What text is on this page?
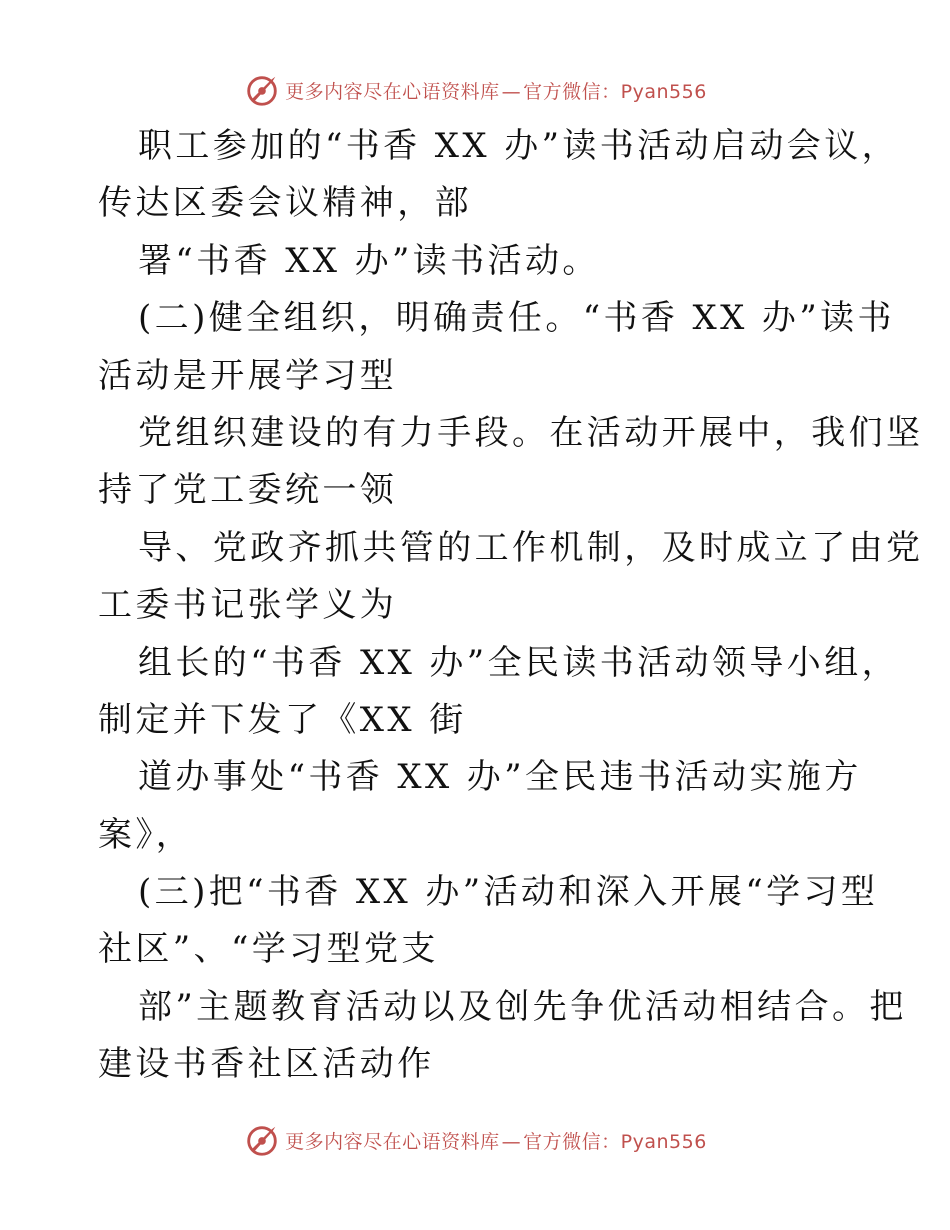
更多内容尽在心语资料库 — 官方微信：Pyan556
职工参加的“书香 XX 办”读书活动启动会议，
传达区委会议精神，部
署“书香 XX 办”读书活动。
(二)健全组织，明确责任。“书香 XX 办”读书
活动是开展学习型
党组织建设的有力手段。在活动开展中，我们坚
持了党工委统一领
导、党政齐抓共管的工作机制，及时成立了由党
工委书记张学义为
组长的“书香 XX 办”全民读书活动领导小组，
制定并下发了《XX 街
道办事处“书香 XX 办”全民违书活动实施方
案》，
(三)把“书香 XX 办”活动和深入开展“学习型
社区”、“学习型党支
部”主题教育活动以及创先争优活动相结合。把
建设书香社区活动作
更多内容尽在心语资料库 — 官方微信：Pyan556
